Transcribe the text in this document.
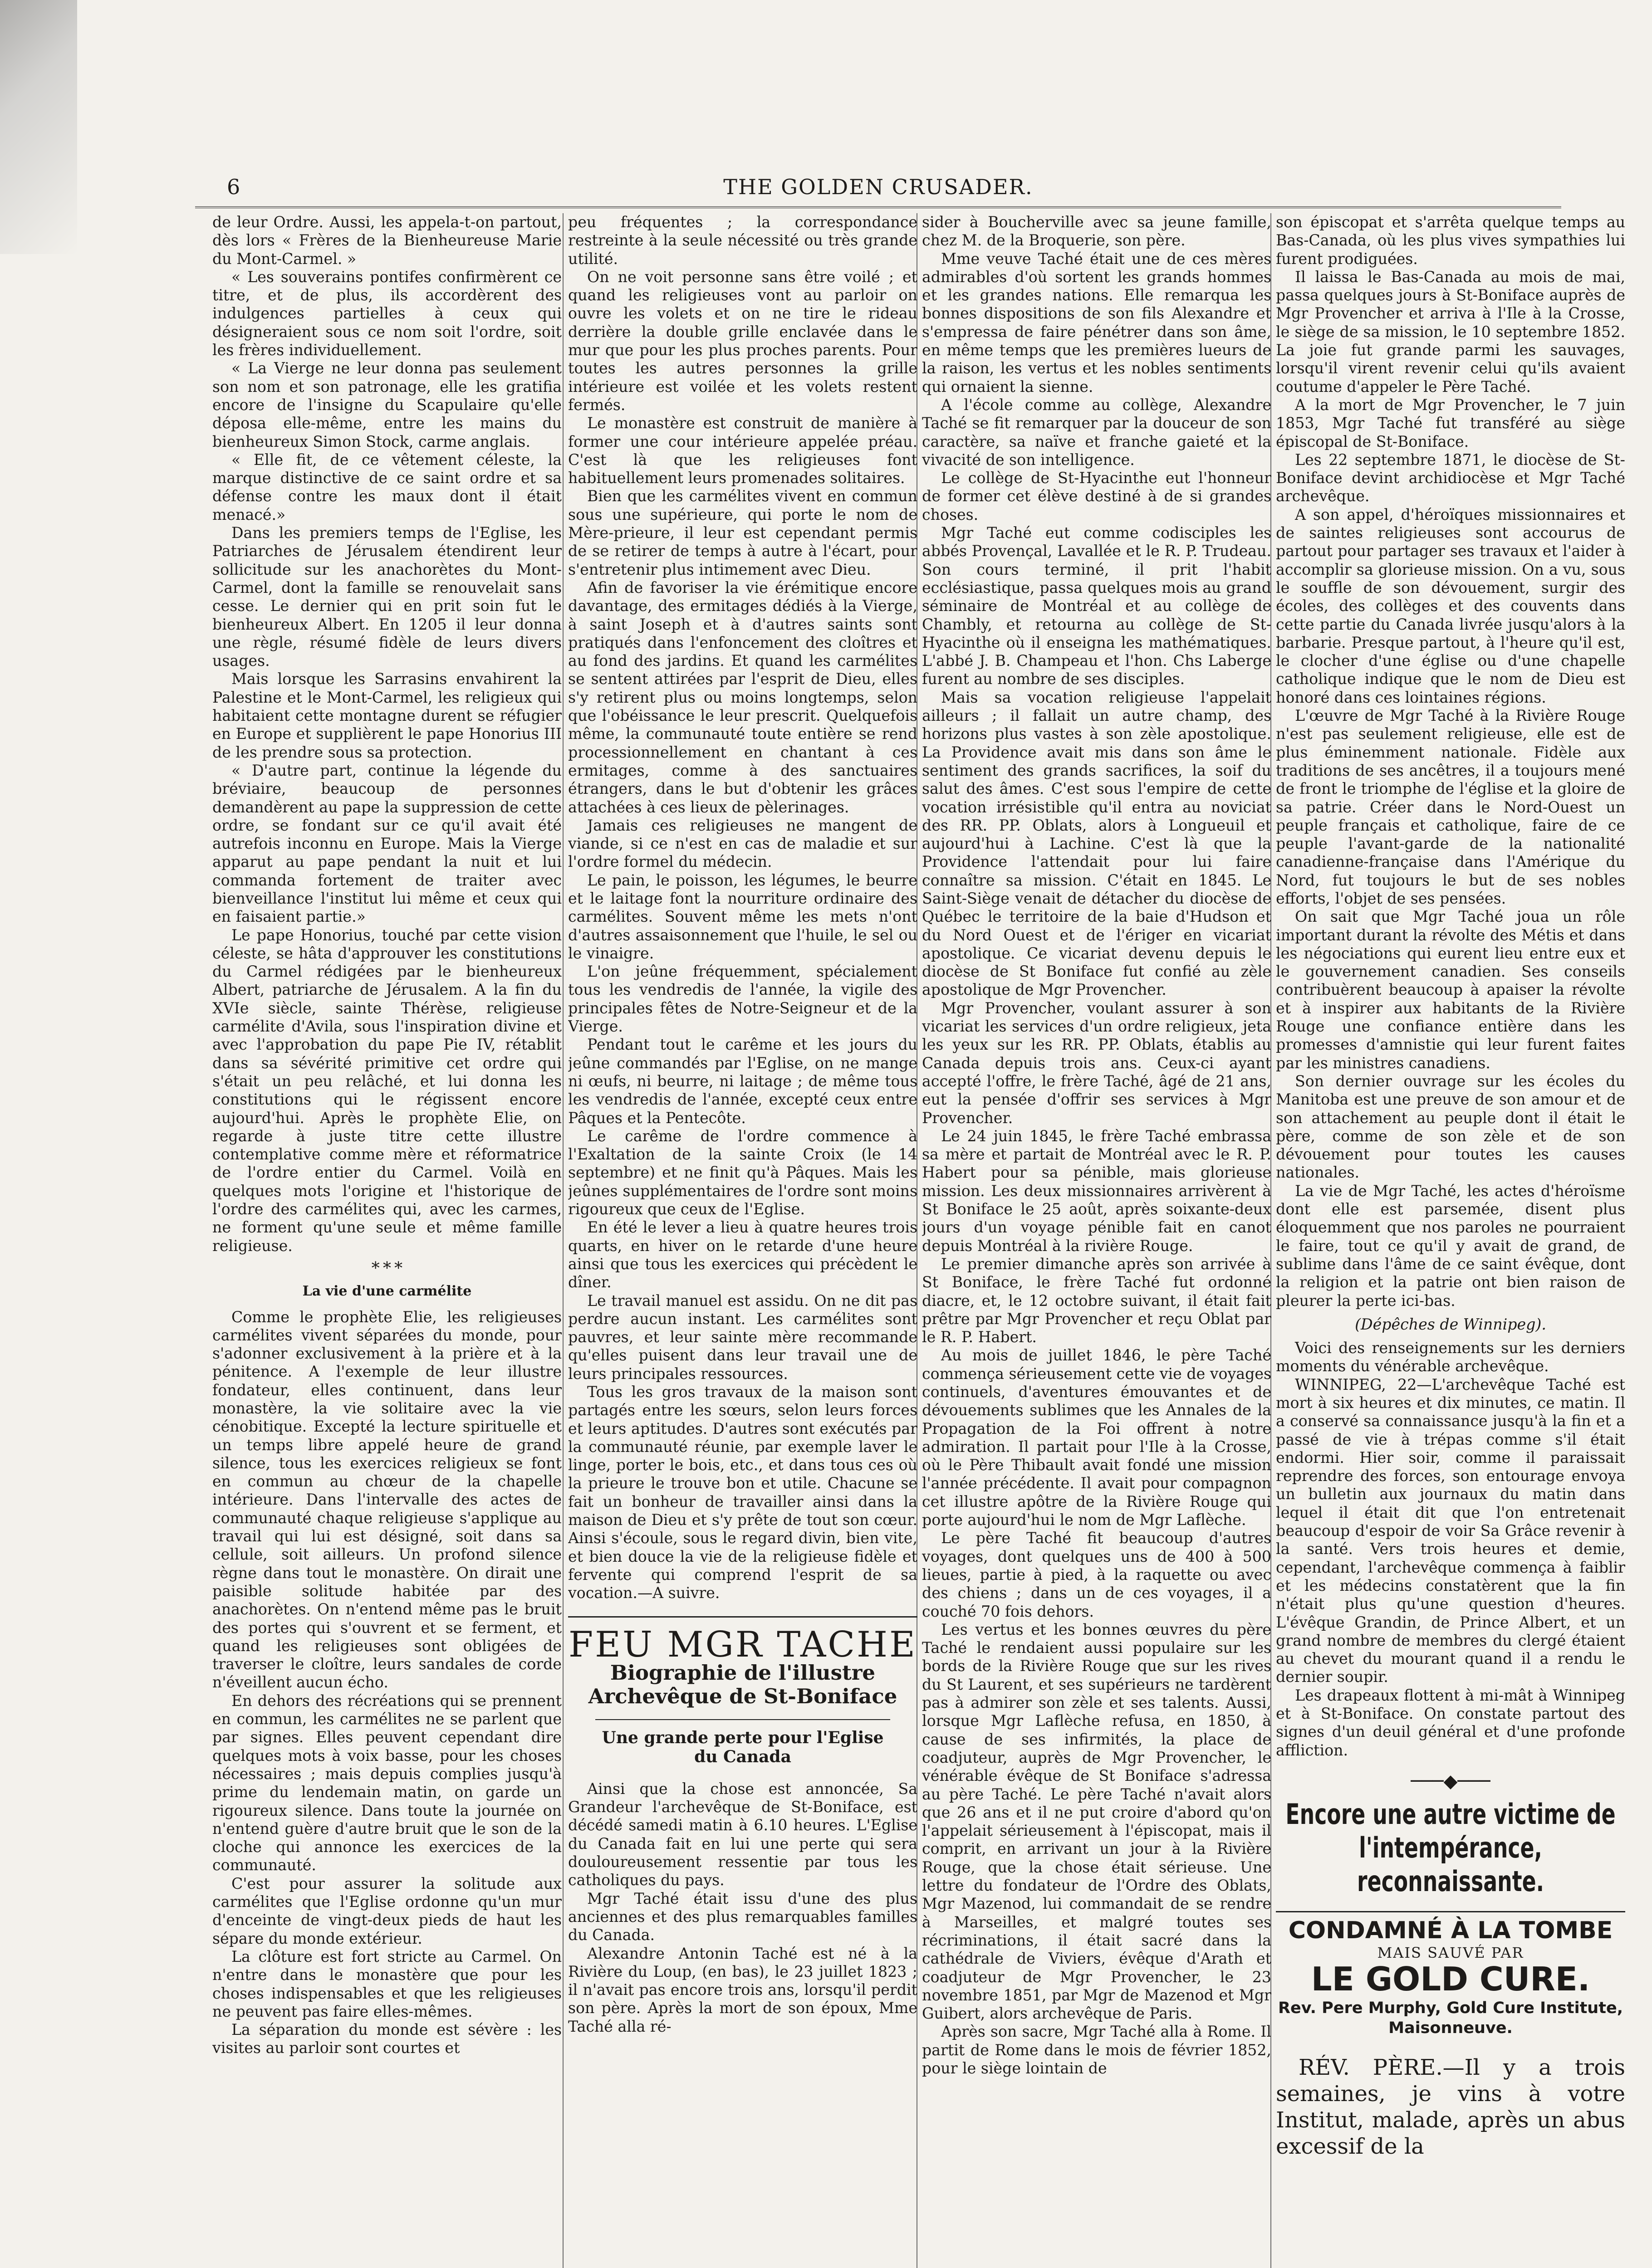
6	THE GOLDEN CRUSADER.

de leur Ordre. Aussi, les appela-t-on partout, dès lors « Frères de la Bienheureuse Marie du Mont-Carmel. »

« Les souverains pontifes confirmèrent ce titre, et de plus, ils accordèrent des indulgences partielles à ceux qui désigneraient sous ce nom soit l'ordre, soit les frères individuellement.

« La Vierge ne leur donna pas seulement son nom et son patronage, elle les gratifia encore de l'insigne du Scapulaire qu'elle déposa elle-même, entre les mains du bienheureux Simon Stock, carme anglais.

« Elle fit, de ce vêtement céleste, la marque distinctive de ce saint ordre et sa défense contre les maux dont il était menacé.»

Dans les premiers temps de l'Eglise, les Patriarches de Jérusalem étendirent leur sollicitude sur les anachorètes du Mont-Carmel, dont la famille se renouvelait sans cesse. Le dernier qui en prit soin fut le bienheureux Albert. En 1205 il leur donna une règle, résumé fidèle de leurs divers usages.

Mais lorsque les Sarrasins envahirent la Palestine et le Mont-Carmel, les religieux qui habitaient cette montagne durent se réfugier en Europe et supplièrent le pape Honorius III de les prendre sous sa protection.

« D'autre part, continue la légende du bréviaire, beaucoup de personnes demandèrent au pape la suppression de cette ordre, se fondant sur ce qu'il avait été autrefois inconnu en Europe. Mais la Vierge apparut au pape pendant la nuit et lui commanda fortement de traiter avec bienveillance l'institut lui même et ceux qui en faisaient partie.»

Le pape Honorius, touché par cette vision céleste, se hâta d'approuver les constitutions du Carmel rédigées par le bienheureux Albert, patriarche de Jérusalem. A la fin du XVIe siècle, sainte Thérèse, religieuse carmélite d'Avila, sous l'inspiration divine et avec l'approbation du pape Pie IV, rétablit dans sa sévérité primitive cet ordre qui s'était un peu relâché, et lui donna les constitutions qui le régissent encore aujourd'hui. Après le prophète Elie, on regarde à juste titre cette illustre contemplative comme mère et réformatrice de l'ordre entier du Carmel. Voilà en quelques mots l'origine et l'historique de l'ordre des carmélites qui, avec les carmes, ne forment qu'une seule et même famille religieuse.

* * *
La vie d'une carmélite

Comme le prophète Elie, les religieuses carmélites vivent séparées du monde, pour s'adonner exclusivement à la prière et à la pénitence. A l'exemple de leur illustre fondateur, elles continuent, dans leur monastère, la vie solitaire avec la vie cénobitique. Excepté la lecture spirituelle et un temps libre appelé heure de grand silence, tous les exercices religieux se font en commun au chœur de la chapelle intérieure. Dans l'intervalle des actes de communauté chaque religieuse s'applique au travail qui lui est désigné, soit dans sa cellule, soit ailleurs. Un profond silence règne dans tout le monastère. On dirait une paisible solitude habitée par des anachorètes. On n'entend même pas le bruit des portes qui s'ouvrent et se ferment, et quand les religieuses sont obligées de traverser le cloître, leurs sandales de corde n'éveillent aucun écho.

En dehors des récréations qui se prennent en commun, les carmélites ne se parlent que par signes. Elles peuvent cependant dire quelques mots à voix basse, pour les choses nécessaires ; mais depuis complies jusqu'à prime du lendemain matin, on garde un rigoureux silence. Dans toute la journée on n'entend guère d'autre bruit que le son de la cloche qui annonce les exercices de la communauté.

C'est pour assurer la solitude aux carmélites que l'Eglise ordonne qu'un mur d'enceinte de vingt-deux pieds de haut les sépare du monde extérieur.

La clôture est fort stricte au Carmel. On n'entre dans le monastère que pour les choses indispensables et que les religieuses ne peuvent pas faire elles-mêmes.

La séparation du monde est sévère : les visites au parloir sont courtes et

peu fréquentes ; la correspondance restreinte à la seule nécessité ou très grande utilité.

On ne voit personne sans être voilé ; et quand les religieuses vont au parloir on ouvre les volets et on ne tire le rideau derrière la double grille enclavée dans le mur que pour les plus proches parents. Pour toutes les autres personnes la grille intérieure est voilée et les volets restent fermés.

Le monastère est construit de manière à former une cour intérieure appelée préau. C'est là que les religieuses font habituellement leurs promenades solitaires.

Bien que les carmélites vivent en commun sous une supérieure, qui porte le nom de Mère-prieure, il leur est cependant permis de se retirer de temps à autre à l'écart, pour s'entretenir plus intimement avec Dieu.

Afin de favoriser la vie érémitique encore davantage, des ermitages dédiés à la Vierge, à saint Joseph et à d'autres saints sont pratiqués dans l'enfoncement des cloîtres et au fond des jardins. Et quand les carmélites se sentent attirées par l'esprit de Dieu, elles s'y retirent plus ou moins longtemps, selon que l'obéissance le leur prescrit. Quelquefois même, la communauté toute entière se rend processionnellement en chantant à ces ermitages, comme à des sanctuaires étrangers, dans le but d'obtenir les grâces attachées à ces lieux de pèlerinages.

Jamais ces religieuses ne mangent de viande, si ce n'est en cas de maladie et sur l'ordre formel du médecin.

Le pain, le poisson, les légumes, le beurre et le laitage font la nourriture ordinaire des carmélites. Souvent même les mets n'ont d'autres assaisonnement que l'huile, le sel ou le vinaigre.

L'on jeûne fréquemment, spécialement tous les vendredis de l'année, la vigile des principales fêtes de Notre-Seigneur et de la Vierge.

Pendant tout le carême et les jours du jeûne commandés par l'Eglise, on ne mange ni œufs, ni beurre, ni laitage ; de même tous les vendredis de l'année, excepté ceux entre Pâques et la Pentecôte.

Le carême de l'ordre commence à l'Exaltation de la sainte Croix (le 14 septembre) et ne finit qu'à Pâques. Mais les jeûnes supplémentaires de l'ordre sont moins rigoureux que ceux de l'Eglise.

En été le lever a lieu à quatre heures trois quarts, en hiver on le retarde d'une heure ainsi que tous les exercices qui précèdent le dîner.

Le travail manuel est assidu. On ne dit pas perdre aucun instant. Les carmélites sont pauvres, et leur sainte mère recommande qu'elles puisent dans leur travail une de leurs principales ressources.

Tous les gros travaux de la maison sont partagés entre les sœurs, selon leurs forces et leurs aptitudes. D'autres sont exécutés par la communauté réunie, par exemple laver le linge, porter le bois, etc., et dans tous ces où la prieure le trouve bon et utile. Chacune se fait un bonheur de travailler ainsi dans la maison de Dieu et s'y prête de tout son cœur. Ainsi s'écoule, sous le regard divin, bien vite, et bien douce la vie de la religieuse fidèle et fervente qui comprend l'esprit de sa vocation.—A suivre.

FEU MGR TACHE
Biographie de l'illustre Archevêque de St-Boniface
Une grande perte pour l'Eglise du Canada

Ainsi que la chose est annoncée, Sa Grandeur l'archevêque de St-Boniface, est décédé samedi matin à 6.10 heures. L'Eglise du Canada fait en lui une perte qui sera douloureusement ressentie par tous les catholiques du pays.

Mgr Taché était issu d'une des plus anciennes et des plus remarquables familles du Canada.

Alexandre Antonin Taché est né à la Rivière du Loup, (en bas), le 23 juillet 1823 ; il n'avait pas encore trois ans, lorsqu'il perdit son père. Après la mort de son époux, Mme Taché alla ré-

sider à Boucherville avec sa jeune famille, chez M. de la Broquerie, son père.

Mme veuve Taché était une de ces mères admirables d'où sortent les grands hommes et les grandes nations. Elle remarqua les bonnes dispositions de son fils Alexandre et s'empressa de faire pénétrer dans son âme, en même temps que les premières lueurs de la raison, les vertus et les nobles sentiments qui ornaient la sienne.

A l'école comme au collège, Alexandre Taché se fit remarquer par la douceur de son caractère, sa naïve et franche gaieté et la vivacité de son intelligence.

Le collège de St-Hyacinthe eut l'honneur de former cet élève destiné à de si grandes choses.

Mgr Taché eut comme codisciples les abbés Provençal, Lavallée et le R. P. Trudeau. Son cours terminé, il prit l'habit ecclésiastique, passa quelques mois au grand séminaire de Montréal et au collège de Chambly, et retourna au collège de St-Hyacinthe où il enseigna les mathématiques. L'abbé J. B. Champeau et l'hon. Chs Laberge furent au nombre de ses disciples.

Mais sa vocation religieuse l'appelait ailleurs ; il fallait un autre champ, des horizons plus vastes à son zèle apostolique. La Providence avait mis dans son âme le sentiment des grands sacrifices, la soif du salut des âmes. C'est sous l'empire de cette vocation irrésistible qu'il entra au noviciat des RR. PP. Oblats, alors à Longueuil et aujourd'hui à Lachine. C'est là que la Providence l'attendait pour lui faire connaître sa mission. C'était en 1845. Le Saint-Siège venait de détacher du diocèse de Québec le territoire de la baie d'Hudson et du Nord Ouest et de l'ériger en vicariat apostolique. Ce vicariat devenu depuis le diocèse de St Boniface fut confié au zèle apostolique de Mgr Provencher.

Mgr Provencher, voulant assurer à son vicariat les services d'un ordre religieux, jeta les yeux sur les RR. PP. Oblats, établis au Canada depuis trois ans. Ceux-ci ayant accepté l'offre, le frère Taché, âgé de 21 ans, eut la pensée d'offrir ses services à Mgr Provencher.

Le 24 juin 1845, le frère Taché embrassa sa mère et partait de Montréal avec le R. P. Habert pour sa pénible, mais glorieuse mission. Les deux missionnaires arrivèrent à St Boniface le 25 août, après soixante-deux jours d'un voyage pénible fait en canot depuis Montréal à la rivière Rouge.

Le premier dimanche après son arrivée à St Boniface, le frère Taché fut ordonné diacre, et, le 12 octobre suivant, il était fait prêtre par Mgr Provencher et reçu Oblat par le R. P. Habert.

Au mois de juillet 1846, le père Taché commença sérieusement cette vie de voyages continuels, d'aventures émouvantes et de dévouements sublimes que les Annales de la Propagation de la Foi offrent à notre admiration. Il partait pour l'Ile à la Crosse, où le Père Thibault avait fondé une mission l'année précédente. Il avait pour compagnon cet illustre apôtre de la Rivière Rouge qui porte aujourd'hui le nom de Mgr Laflèche.

Le père Taché fit beaucoup d'autres voyages, dont quelques uns de 400 à 500 lieues, partie à pied, à la raquette ou avec des chiens ; dans un de ces voyages, il a couché 70 fois dehors.

Les vertus et les bonnes œuvres du père Taché le rendaient aussi populaire sur les bords de la Rivière Rouge que sur les rives du St Laurent, et ses supérieurs ne tardèrent pas à admirer son zèle et ses talents. Aussi, lorsque Mgr Laflèche refusa, en 1850, à cause de ses infirmités, la place de coadjuteur, auprès de Mgr Provencher, le vénérable évêque de St Boniface s'adressa au père Taché. Le père Taché n'avait alors que 26 ans et il ne put croire d'abord qu'on l'appelait sérieusement à l'épiscopat, mais il comprit, en arrivant un jour à la Rivière Rouge, que la chose était sérieuse. Une lettre du fondateur de l'Ordre des Oblats, Mgr Mazenod, lui commandait de se rendre à Marseilles, et malgré toutes ses récriminations, il était sacré dans la cathédrale de Viviers, évêque d'Arath et coadjuteur de Mgr Provencher, le 23 novembre 1851, par Mgr de Mazenod et Mgr Guibert, alors archevêque de Paris.

Après son sacre, Mgr Taché alla à Rome. Il partit de Rome dans le mois de février 1852, pour le siège lointain de

son épiscopat et s'arrêta quelque temps au Bas-Canada, où les plus vives sympathies lui furent prodiguées.

Il laissa le Bas-Canada au mois de mai, passa quelques jours à St-Boniface auprès de Mgr Provencher et arriva à l'Ile à la Crosse, le siège de sa mission, le 10 septembre 1852. La joie fut grande parmi les sauvages, lorsqu'il virent revenir celui qu'ils avaient coutume d'appeler le Père Taché.

A la mort de Mgr Provencher, le 7 juin 1853, Mgr Taché fut transféré au siège épiscopal de St-Boniface.

Les 22 septembre 1871, le diocèse de St-Boniface devint archidiocèse et Mgr Taché archevêque.

A son appel, d'héroïques missionnaires et de saintes religieuses sont accourus de partout pour partager ses travaux et l'aider à accomplir sa glorieuse mission. On a vu, sous le souffle de son dévouement, surgir des écoles, des collèges et des couvents dans cette partie du Canada livrée jusqu'alors à la barbarie. Presque partout, à l'heure qu'il est, le clocher d'une église ou d'une chapelle catholique indique que le nom de Dieu est honoré dans ces lointaines régions.

L'œuvre de Mgr Taché à la Rivière Rouge n'est pas seulement religieuse, elle est de plus éminemment nationale. Fidèle aux traditions de ses ancêtres, il a toujours mené de front le triomphe de l'église et la gloire de sa patrie. Créer dans le Nord-Ouest un peuple français et catholique, faire de ce peuple l'avant-garde de la nationalité canadienne-française dans l'Amérique du Nord, fut toujours le but de ses nobles efforts, l'objet de ses pensées.

On sait que Mgr Taché joua un rôle important durant la révolte des Métis et dans les négociations qui eurent lieu entre eux et le gouvernement canadien. Ses conseils contribuèrent beaucoup à apaiser la révolte et à inspirer aux habitants de la Rivière Rouge une confiance entière dans les promesses d'amnistie qui leur furent faites par les ministres canadiens.

Son dernier ouvrage sur les écoles du Manitoba est une preuve de son amour et de son attachement au peuple dont il était le père, comme de son zèle et de son dévouement pour toutes les causes nationales.

La vie de Mgr Taché, les actes d'héroïsme dont elle est parsemée, disent plus éloquemment que nos paroles ne pourraient le faire, tout ce qu'il y avait de grand, de sublime dans l'âme de ce saint évêque, dont la religion et la patrie ont bien raison de pleurer la perte ici-bas.

(Dépêches de Winnipeg).

Voici des renseignements sur les derniers moments du vénérable archevêque.

WINNIPEG, 22—L'archevêque Taché est mort à six heures et dix minutes, ce matin. Il a conservé sa connaissance jusqu'à la fin et a passé de vie à trépas comme s'il était endormi. Hier soir, comme il paraissait reprendre des forces, son entourage envoya un bulletin aux journaux du matin dans lequel il était dit que l'on entretenait beaucoup d'espoir de voir Sa Grâce revenir à la santé. Vers trois heures et demie, cependant, l'archevêque commença à faiblir et les médecins constatèrent que la fin n'était plus qu'une question d'heures. L'évêque Grandin, de Prince Albert, et un grand nombre de membres du clergé étaient au chevet du mourant quand il a rendu le dernier soupir.

Les drapeaux flottent à mi-mât à Winnipeg et à St-Boniface. On constate partout des signes d'un deuil général et d'une profonde affliction.

───◆───
Encore une autre victime de l'intempérance, reconnaissante.
CONDAMNÉ À LA TOMBE
MAIS SAUVÉ PAR
LE GOLD CURE.
Rev. Pere Murphy, Gold Cure Institute, Maisonneuve.

RÉV. PÈRE.—Il y a trois semaines, je vins à votre Institut, malade, après un abus excessif de la
